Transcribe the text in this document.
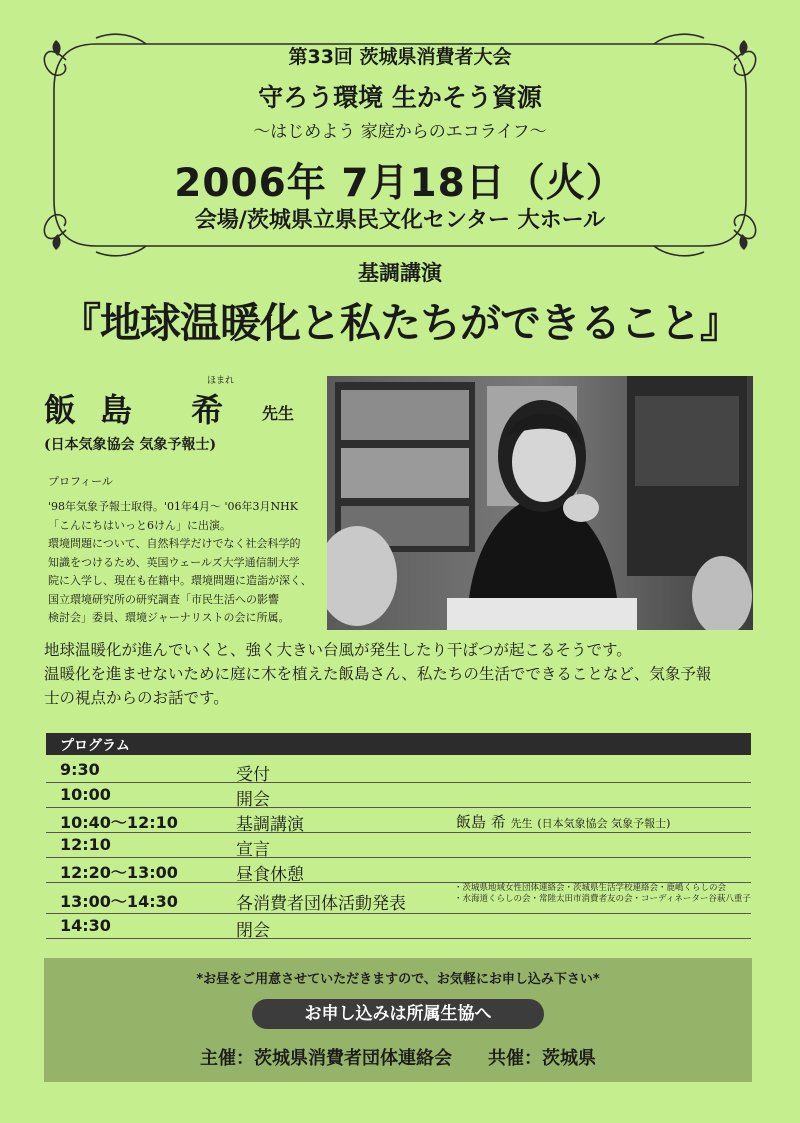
第33回 茨城県消費者大会
守ろう環境 生かそう資源
～はじめよう 家庭からのエコライフ～
2006年 7月18日（火）
会場/茨城県立県民文化センター 大ホール
基調講演
『地球温暖化と私たちができること』
ほまれ
飯島 希 先生
(日本気象協会 気象予報士)
プロフィール

'98年気象予報士取得。'01年4月～ '06年3月NHK

「こんにちはいっと6けん」に出演。

環境問題について、自然科学だけでなく社会科学的

知識をつけるため、英国ウェールズ大学通信制大学

院に入学し、現在も在籍中。環境問題に造詣が深く、

国立環境研究所の研究調査「市民生活への影響

検討会」委員、環境ジャーナリストの会に所属。

地球温暖化が進んでいくと、強く大きい台風が発生したり干ばつが起こるそうです。

温暖化を進ませないために庭に木を植えた飯島さん、私たちの生活でできることなど、気象予報

士の視点からのお話です。

プログラム
9:30	受付
10:00	開会
10:40～12:10	基調講演	飯島 希 先生 (日本気象協会 気象予報士)
12:10	宣言
12:20～13:00	昼食休憩
13:00～14:30	各消費者団体活動発表
・茨城県地域女性団体連絡会・茨城県生活学校連絡会・鹿嶋くらしの会
・水海道くらしの会・常陸太田市消費者友の会・コーディネーター谷萩八重子
14:30	閉会
*お昼をご用意させていただきますので、お気軽にお申し込み下さい*
お申し込みは所属生協へ
主催：茨城県消費者団体連絡会 共催：茨城県
